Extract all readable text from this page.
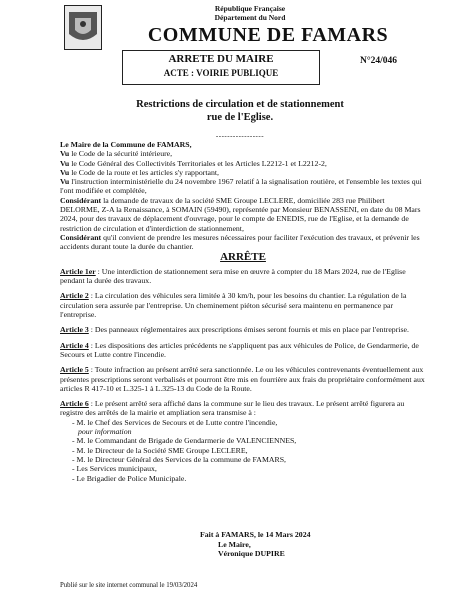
République Française
Département du Nord
COMMUNE DE FAMARS
ARRETE DU MAIRE
ACTE : VOIRIE PUBLIQUE
N°24/046
Restrictions de circulation et de stationnement
rue de l'Eglise.
-----------------

Le Maire de la Commune de FAMARS,

Vu le Code de la sécurité intérieure,

Vu le Code Général des Collectivités Territoriales et les Articles L2212-1 et L2212-2,

Vu le Code de la route et les articles s'y rapportant,

Vu l'instruction interministérielle du 24 novembre 1967 relatif à la signalisation routière, et l'ensemble les textes qui l'ont modifiée et complétée,

Considérant la demande de travaux de la société SME Groupe LECLERE, domiciliée 283 rue Philibert DELORME, Z-A la Renaissance, à SOMAIN (59490), représentée par Monsieur BENASSENI, en date du 08 Mars 2024, pour des travaux de déplacement d'ouvrage, pour le compte de ENEDIS, rue de l'Eglise, et la demande de restriction de circulation et d'interdiction de stationnement,

Considérant qu'il convient de prendre les mesures nécessaires pour faciliter l'exécution des travaux, et prévenir les accidents durant toute la durée du chantier.

ARRÊTE

Article 1er : Une interdiction de stationnement sera mise en œuvre à compter du 18 Mars 2024, rue de l'Eglise pendant la durée des travaux.

Article 2 : La circulation des véhicules sera limitée à 30 km/h, pour les besoins du chantier. La régulation de la circulation sera assurée par l'entreprise. Un cheminement piéton sécurisé sera maintenu en permanence par l'entreprise.

Article 3 : Des panneaux réglementaires aux prescriptions émises seront fournis et mis en place par l'entreprise.

Article 4 : Les dispositions des articles précédents ne s'appliquent pas aux véhicules de Police, de Gendarmerie, de Secours et Lutte contre l'incendie.

Article 5 : Toute infraction au présent arrêté sera sanctionnée. Le ou les véhicules contrevenants éventuellement aux présentes prescriptions seront verbalisés et pourront être mis en fourrière aux frais du propriétaire conformément aux articles R 417-10 et L.325-1 à L.325-13 du Code de la Route.

Article 6 : Le présent arrêté sera affiché dans la commune sur le lieu des travaux. Le présent arrêté figurera au registre des arrêtés de la mairie et ampliation sera transmise à :

- M. le Chef des Services de Secours et de Lutte contre l'incendie,

pour information

- M. le Commandant de Brigade de Gendarmerie de VALENCIENNES,

- M. le Directeur de la Société SME Groupe LECLERE,

- M. le Directeur Général des Services de la commune de FAMARS,

- Les Services municipaux,

- Le Brigadier de Police Municipale.

Fait à FAMARS, le 14 Mars 2024
Le Maire,
Véronique DUPIRE
Publié sur le site internet communal le 19/03/2024
